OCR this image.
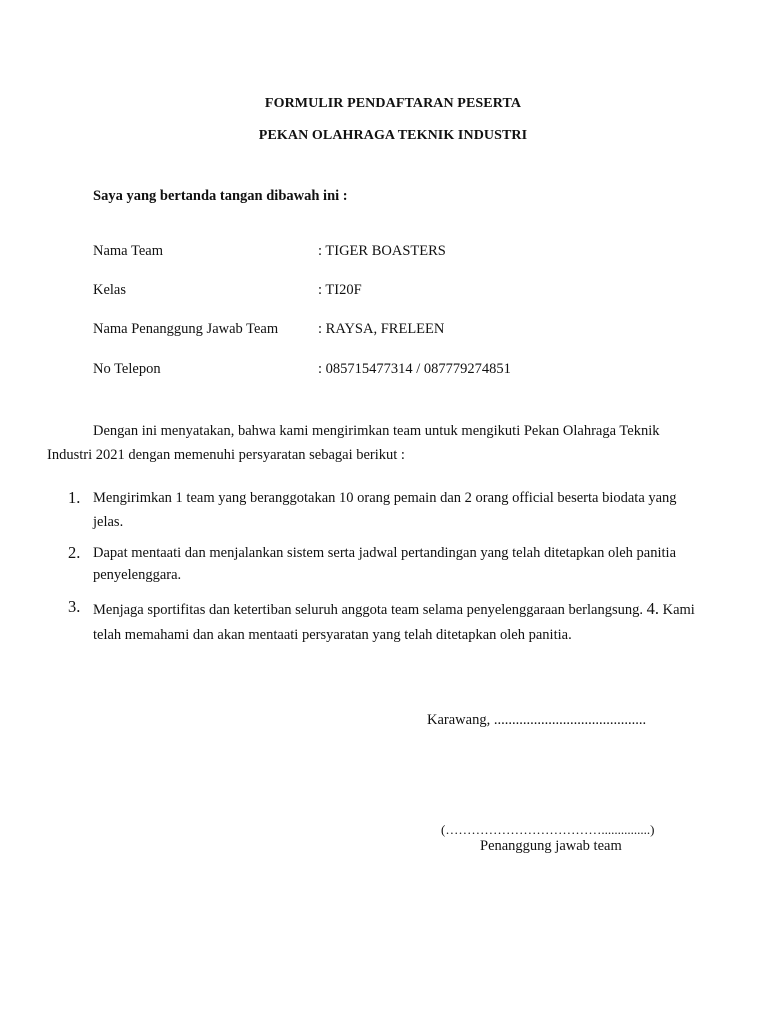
FORMULIR PENDAFTARAN PESERTA
PEKAN OLAHRAGA TEKNIK INDUSTRI
Saya yang bertanda tangan dibawah ini :
Nama Team	: TIGER BOASTERS
Kelas	: TI20F
Nama Penanggung Jawab Team	: RAYSA, FRELEEN
No Telepon	: 085715477314 / 087779274851
Dengan ini menyatakan, bahwa kami mengirimkan team untuk mengikuti Pekan Olahraga Teknik
Industri 2021 dengan memenuhi persyaratan sebagai berikut :
1. Mengirimkan 1 team yang beranggotakan 10 orang pemain dan 2 orang official beserta biodata yang
jelas.
2. Dapat mentaati dan menjalankan sistem serta jadwal pertandingan yang telah ditetapkan oleh panitia
penyelenggara.
3. Menjaga sportifitas dan ketertiban seluruh anggota team selama penyelenggaraan berlangsung. 4. Kami
telah memahami dan akan mentaati persyaratan yang telah ditetapkan oleh panitia.
Karawang, ..........................................
(………………………………...............)
Penanggung jawab team
